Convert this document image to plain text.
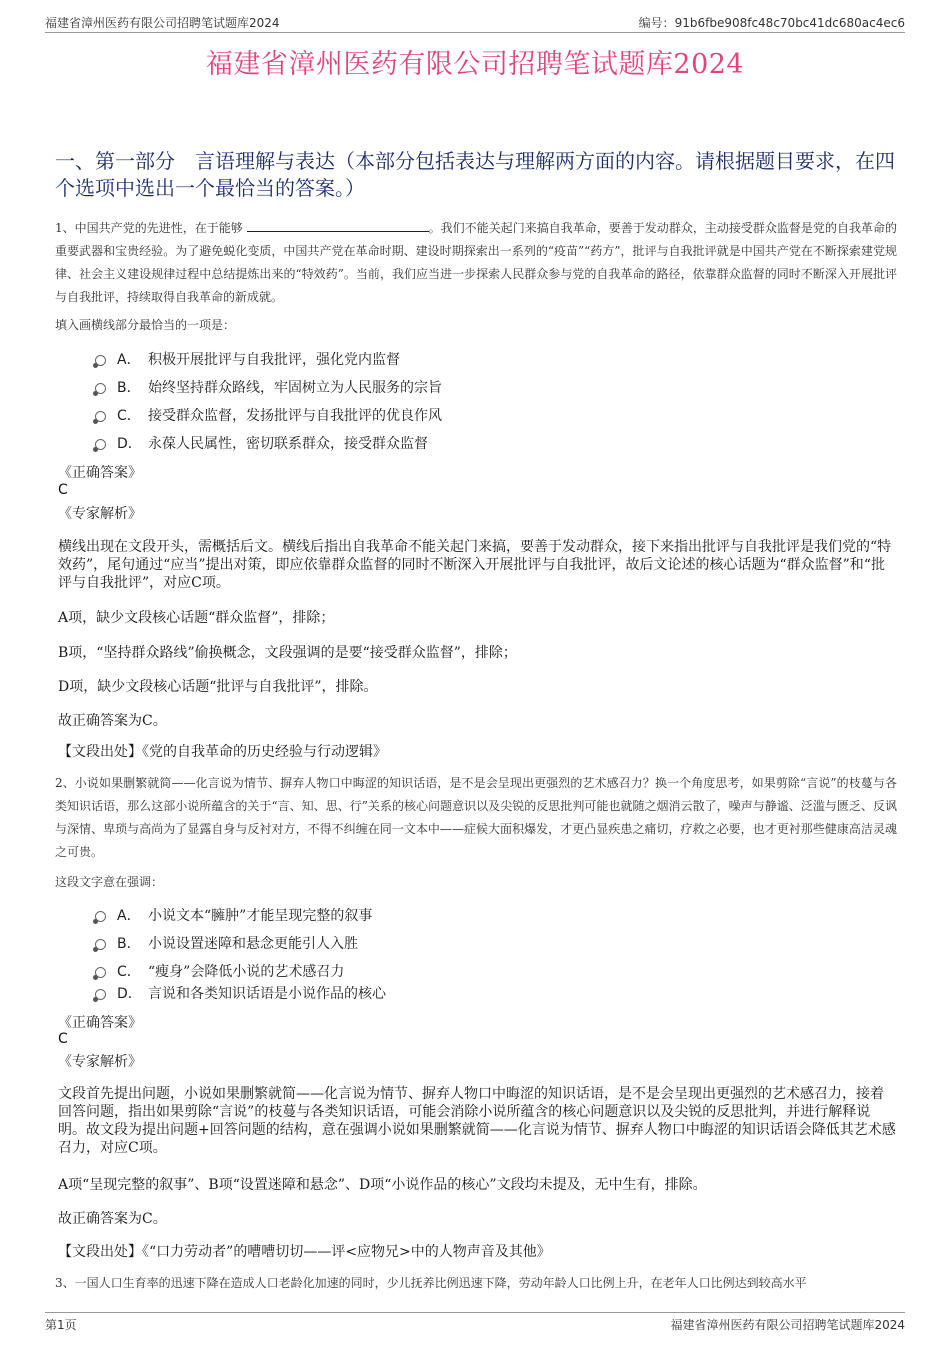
福建省漳州医药有限公司招聘笔试题库2024	编号：91b6fbe908fc48c70bc41dc680ac4ec6
福建省漳州医药有限公司招聘笔试题库2024
一、第一部分　言语理解与表达（本部分包括表达与理解两方面的内容。请根据题目要求，在四个选项中选出一个最恰当的答案。）
1、中国共产党的先进性，在于能够	。我们不能关起门来搞自我革命，要善于发动群众，主动接受群众监督是党的自我革命的重要武器和宝贵经验。为了避免蜕化变质，中国共产党在革命时期、建设时期探索出一系列的“疫苗”“药方”，批评与自我批评就是中国共产党在不断探索建党规律、社会主义建设规律过程中总结提炼出来的“特效药”。当前，我们应当进一步探索人民群众参与党的自我革命的路径，依靠群众监督的同时不断深入开展批评与自我批评，持续取得自我革命的新成就。
填入画横线部分最恰当的一项是：
A． 积极开展批评与自我批评，强化党内监督
B． 始终坚持群众路线，牢固树立为人民服务的宗旨
C． 接受群众监督，发扬批评与自我批评的优良作风
D． 永葆人民属性，密切联系群众，接受群众监督
《正确答案》
C
《专家解析》

横线出现在文段开头，需概括后文。横线后指出自我革命不能关起门来搞，要善于发动群众，接下来指出批评与自我批评是我们党的“特效药”，尾句通过“应当”提出对策，即应依靠群众监督的同时不断深入开展批评与自我批评，故后文论述的核心话题为“群众监督”和“批评与自我批评”，对应C项。

A项，缺少文段核心话题“群众监督”，排除；
B项，“坚持群众路线”偷换概念，文段强调的是要“接受群众监督”，排除；
D项，缺少文段核心话题“批评与自我批评”，排除。
故正确答案为C。
【文段出处】《党的自我革命的历史经验与行动逻辑》
2、小说如果删繁就简——化言说为情节、摒弃人物口中晦涩的知识话语，是不是会呈现出更强烈的艺术感召力？换一个角度思考，如果剪除“言说”的枝蔓与各类知识话语，那么这部小说所蕴含的关于“言、知、思、行”关系的核心问题意识以及尖锐的反思批判可能也就随之烟消云散了，噪声与静谧、泛滥与匮乏、反讽与深情、卑琐与高尚为了显露自身与反衬对方，不得不纠缠在同一文本中——症候大面积爆发，才更凸显疾患之痛切，疗救之必要，也才更衬那些健康高洁灵魂之可贵。
这段文字意在强调：
A． 小说文本“臃肿”才能呈现完整的叙事
B． 小说设置迷障和悬念更能引人入胜
C． “瘦身”会降低小说的艺术感召力
D． 言说和各类知识话语是小说作品的核心
《正确答案》
C
《专家解析》

文段首先提出问题，小说如果删繁就简——化言说为情节、摒弃人物口中晦涩的知识话语，是不是会呈现出更强烈的艺术感召力，接着回答问题，指出如果剪除“言说”的枝蔓与各类知识话语，可能会消除小说所蕴含的核心问题意识以及尖锐的反思批判，并进行解释说明。故文段为提出问题+回答问题的结构，意在强调小说如果删繁就简——化言说为情节、摒弃人物口中晦涩的知识话语会降低其艺术感召力，对应C项。

A项“呈现完整的叙事”、B项“设置迷障和悬念”、D项“小说作品的核心”文段均未提及，无中生有，排除。
故正确答案为C。
【文段出处】《“口力劳动者”的嘈嘈切切——评<应物兄>中的人物声音及其他》
3、一国人口生育率的迅速下降在造成人口老龄化加速的同时，少儿抚养比例迅速下降，劳动年龄人口比例上升，在老年人口比例达到较高水平
第1页	福建省漳州医药有限公司招聘笔试题库2024
